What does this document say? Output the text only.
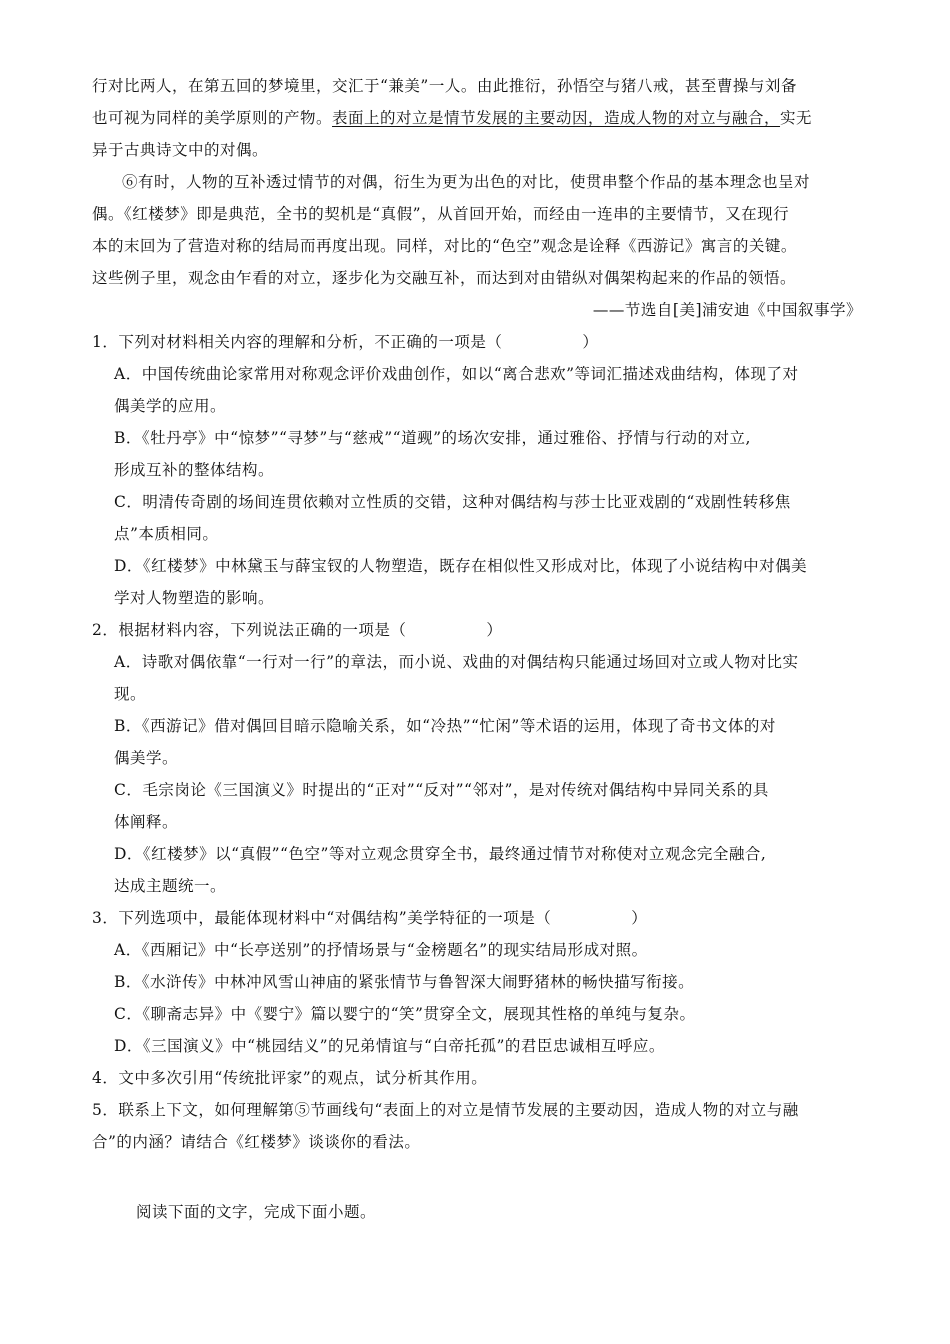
行对比两人，在第五回的梦境里，交汇于“兼美”一人。由此推衍，孙悟空与猪八戒，甚至曹操与刘备
也可视为同样的美学原则的产物。表面上的对立是情节发展的主要动因，造成人物的对立与融合，实无
异于古典诗文中的对偶。
⑥有时，人物的互补透过情节的对偶，衍生为更为出色的对比，使贯串整个作品的基本理念也呈对
偶。《红楼梦》即是典范，全书的契机是“真假”，从首回开始，而经由一连串的主要情节，又在现行
本的末回为了营造对称的结局而再度出现。同样，对比的“色空”观念是诠释《西游记》寓言的关键。
这些例子里，观念由乍看的对立，逐步化为交融互补，而达到对由错纵对偶架构起来的作品的领悟。
——节选自[美]浦安迪《中国叙事学》
1．下列对材料相关内容的理解和分析，不正确的一项是（　　　　　）
A．中国传统曲论家常用对称观念评价戏曲创作，如以“离合悲欢”等词汇描述戏曲结构，体现了对
偶美学的应用。
B．《牡丹亭》中“惊梦”“寻梦”与“慈戒”“道觋”的场次安排，通过雅俗、抒情与行动的对立,
形成互补的整体结构。
C．明清传奇剧的场间连贯依赖对立性质的交错，这种对偶结构与莎士比亚戏剧的“戏剧性转移焦
点”本质相同。
D．《红楼梦》中林黛玉与薛宝钗的人物塑造，既存在相似性又形成对比，体现了小说结构中对偶美
学对人物塑造的影响。
2．根据材料内容，下列说法正确的一项是（　　　　　）
A．诗歌对偶依靠“一行对一行”的章法，而小说、戏曲的对偶结构只能通过场回对立或人物对比实
现。
B．《西游记》借对偶回目暗示隐喻关系，如“冷热”“忙闲”等术语的运用，体现了奇书文体的对
偶美学。
C．毛宗岗论《三国演义》时提出的“正对”“反对”“邻对”，是对传统对偶结构中异同关系的具
体阐释。
D．《红楼梦》以“真假”“色空”等对立观念贯穿全书，最终通过情节对称使对立观念完全融合,
达成主题统一。
3．下列选项中，最能体现材料中“对偶结构”美学特征的一项是（　　　　　）
A．《西厢记》中“长亭送别”的抒情场景与“金榜题名”的现实结局形成对照。
B．《水浒传》中林冲风雪山神庙的紧张情节与鲁智深大闹野猪林的畅快描写衔接。
C．《聊斋志异》中《婴宁》篇以婴宁的“笑”贯穿全文，展现其性格的单纯与复杂。
D．《三国演义》中“桃园结义”的兄弟情谊与“白帝托孤”的君臣忠诚相互呼应。
4．文中多次引用“传统批评家”的观点，试分析其作用。
5．联系上下文，如何理解第⑤节画线句“表面上的对立是情节发展的主要动因，造成人物的对立与融
合”的内涵？请结合《红楼梦》谈谈你的看法。
阅读下面的文字，完成下面小题。
